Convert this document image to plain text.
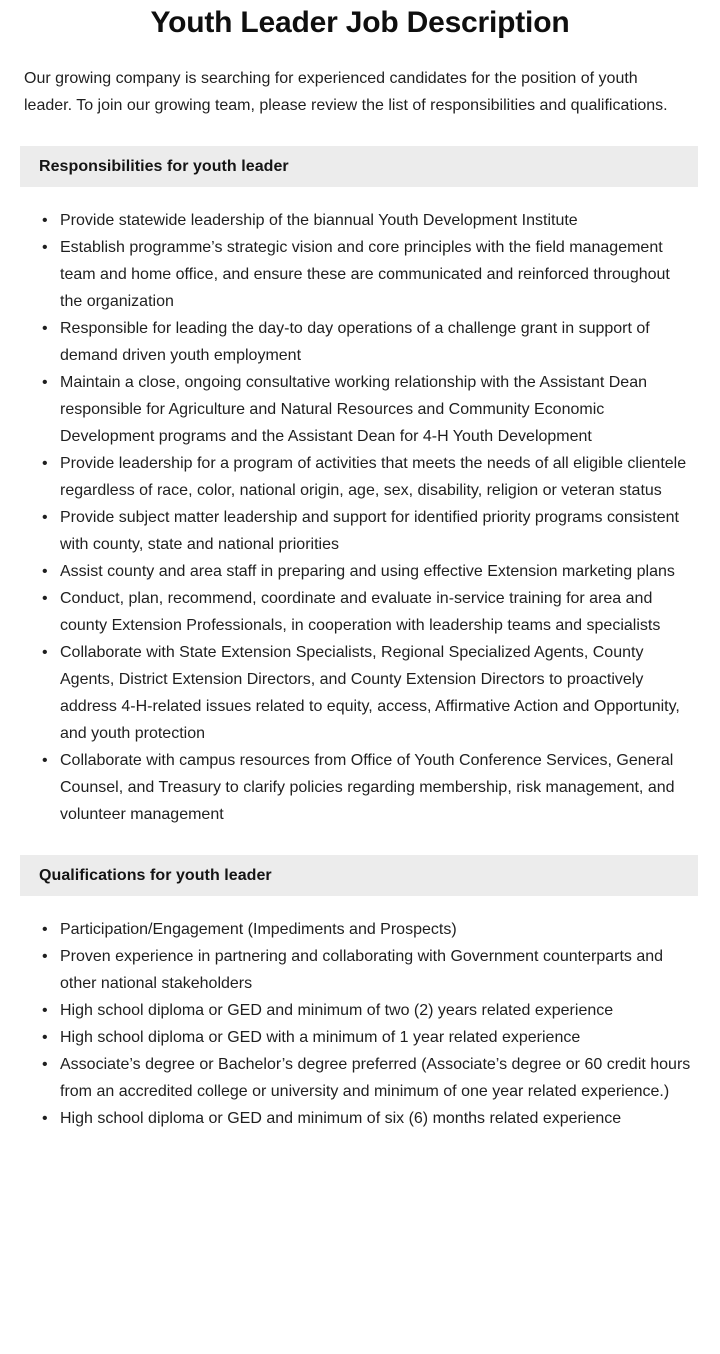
Youth Leader Job Description

Our growing company is searching for experienced candidates for the position of youth leader. To join our growing team, please review the list of responsibilities and qualifications.

Responsibilities for youth leader
• Provide statewide leadership of the biannual Youth Development Institute
• Establish programme’s strategic vision and core principles with the field management team and home office, and ensure these are communicated and reinforced throughout the organization
• Responsible for leading the day-to day operations of a challenge grant in support of demand driven youth employment
• Maintain a close, ongoing consultative working relationship with the Assistant Dean responsible for Agriculture and Natural Resources and Community Economic Development programs and the Assistant Dean for 4-H Youth Development
• Provide leadership for a program of activities that meets the needs of all eligible clientele regardless of race, color, national origin, age, sex, disability, religion or veteran status
• Provide subject matter leadership and support for identified priority programs consistent with county, state and national priorities
• Assist county and area staff in preparing and using effective Extension marketing plans
• Conduct, plan, recommend, coordinate and evaluate in-service training for area and county Extension Professionals, in cooperation with leadership teams and specialists
• Collaborate with State Extension Specialists, Regional Specialized Agents, County Agents, District Extension Directors, and County Extension Directors to proactively address 4-H-related issues related to equity, access, Affirmative Action and Opportunity, and youth protection
• Collaborate with campus resources from Office of Youth Conference Services, General Counsel, and Treasury to clarify policies regarding membership, risk management, and volunteer management
Qualifications for youth leader
• Participation/Engagement (Impediments and Prospects)
• Proven experience in partnering and collaborating with Government counterparts and other national stakeholders
• High school diploma or GED and minimum of two (2) years related experience
• High school diploma or GED with a minimum of 1 year related experience
• Associate’s degree or Bachelor’s degree preferred (Associate’s degree or 60 credit hours from an accredited college or university and minimum of one year related experience.)
• High school diploma or GED and minimum of six (6) months related experience
